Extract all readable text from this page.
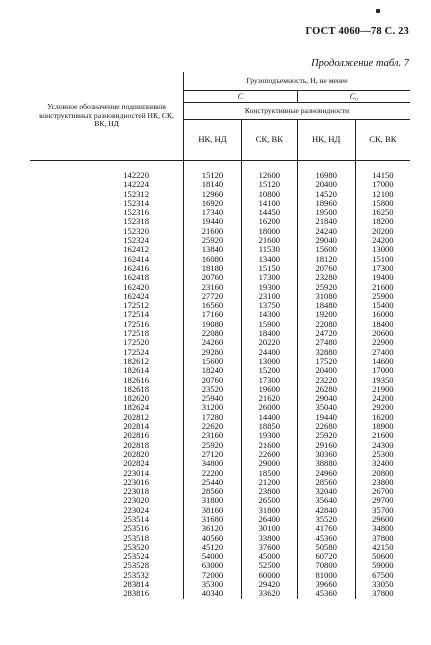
ГОСТ 4060—78 С. 23
Продолжение табл. 7
Условное обозначение подшипников конструктивных разновидностей НК, СК, ВК, НД	Грузоподъемность, Н, не менее			
	C		C₀	
	Конструктивные разновидности			
	НК, НД	СК, ВК	НК, НД	СК, ВК
142220	15120	12600	16980	14150
142224	18140	15120	20400	17000
152312	12960	10800	14520	12100
152314	16920	14100	18960	15800
152316	17340	14450	19500	16250
152318	19440	16200	21840	18200
152320	21600	18000	24240	20200
152324	25920	21600	29040	24200
162412	13840	11530	15600	13000
162414	16080	13400	18120	15100
162416	18180	15150	20760	17300
162418	20760	17300	23280	19400
162420	23160	19300	25920	21600
162424	27720	23100	31080	25900
172512	16560	13750	18480	15400
172514	17160	14300	19200	16000
172516	19080	15900	22080	18400
172518	22080	18400	24720	20600
172520	24260	20220	27480	22900
172524	29280	24400	32880	27400
182612	15600	13000	17520	14600
182614	18240	15200	20400	17000
182616	20760	17300	23220	19350
182618	23520	19600	26280	21900
182620	25940	21620	29040	24200
182624	31200	26000	35040	29200
202812	17280	14400	19440	16200
202814	22620	18850	22680	18900
202816	23160	19300	25920	21600
202818	25920	21600	29160	24300
202820	27120	22600	30360	25300
202824	34800	29000	38880	32400
223014	22200	18500	24960	20800
223016	25440	21200	28560	23800
223018	28560	23800	32040	26700
223020	31800	26500	35640	29700
223024	38160	31800	42840	35700
253514	31680	26400	35520	29600
253516	36120	30100	41760	34800
253518	40560	33800	45360	37800
253520	45120	37600	50580	42150
253524	54000	45000	60720	50600
253528	63000	52500	70800	59000
253532	72000	60000	81000	67500
283814	35300	29420	39660	33050
283816	40340	33620	45360	37800
